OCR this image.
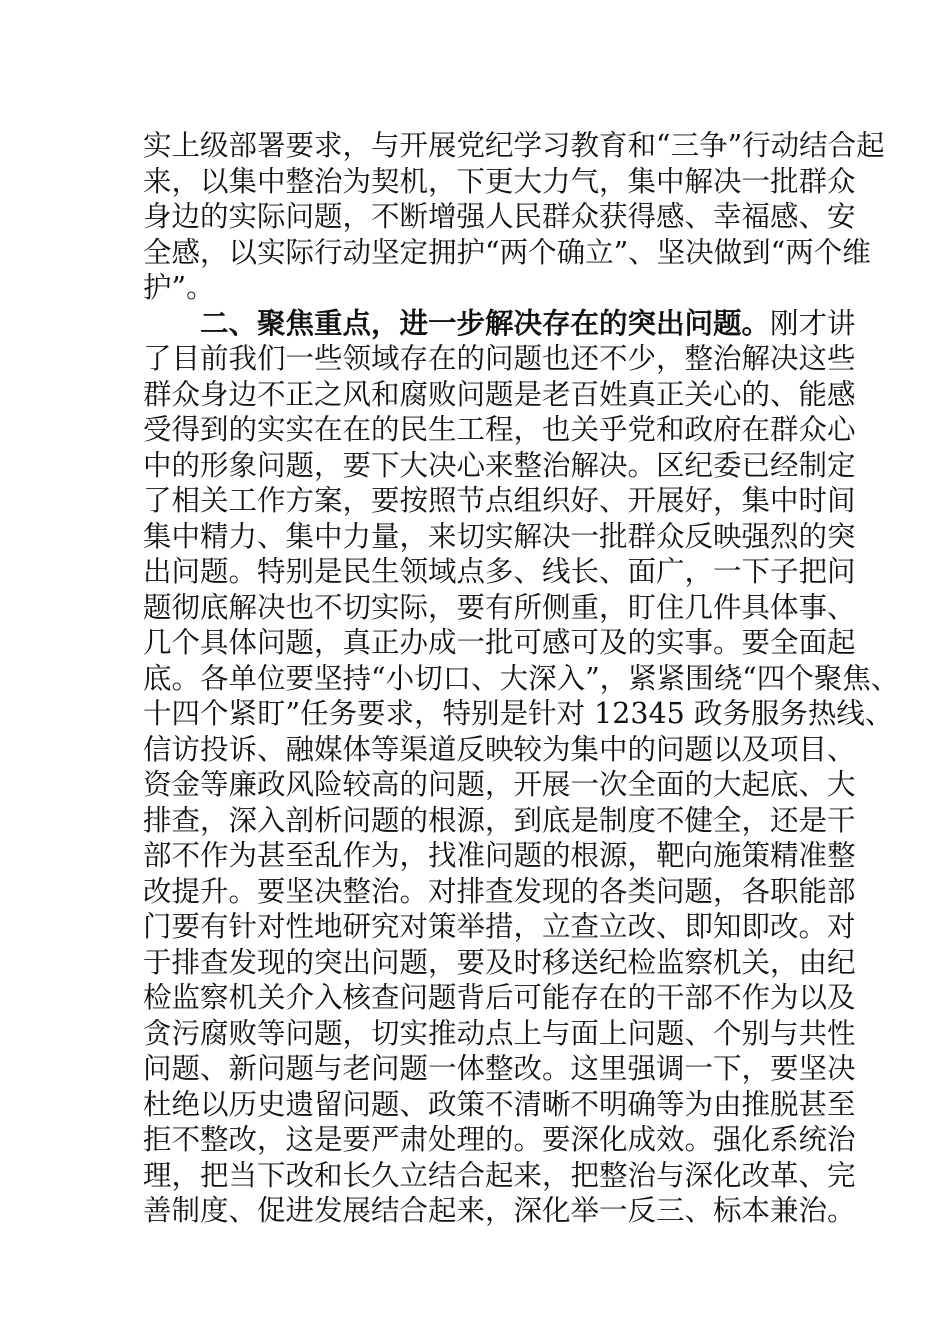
实上级部署要求，与开展党纪学习教育和“三争”行动结合起
来，以集中整治为契机，下更大力气，集中解决一批群众
身边的实际问题，不断增强人民群众获得感、幸福感、安
全感，以实际行动坚定拥护“两个确立”、坚决做到“两个维
护”。
二、聚焦重点，进一步解决存在的突出问题。刚才讲
了目前我们一些领域存在的问题也还不少，整治解决这些
群众身边不正之风和腐败问题是老百姓真正关心的、能感
受得到的实实在在的民生工程，也关乎党和政府在群众心
中的形象问题，要下大决心来整治解决。区纪委已经制定
了相关工作方案，要按照节点组织好、开展好，集中时间
集中精力、集中力量，来切实解决一批群众反映强烈的突
出问题。特别是民生领域点多、线长、面广，一下子把问
题彻底解决也不切实际，要有所侧重，盯住几件具体事、
几个具体问题，真正办成一批可感可及的实事。要全面起
底。各单位要坚持“小切口、大深入”，紧紧围绕“四个聚焦、
十四个紧盯”任务要求，特别是针对 12345 政务服务热线、
信访投诉、融媒体等渠道反映较为集中的问题以及项目、
资金等廉政风险较高的问题，开展一次全面的大起底、大
排查，深入剖析问题的根源，到底是制度不健全，还是干
部不作为甚至乱作为，找准问题的根源，靶向施策精准整
改提升。要坚决整治。对排查发现的各类问题，各职能部
门要有针对性地研究对策举措，立查立改、即知即改。对
于排查发现的突出问题，要及时移送纪检监察机关，由纪
检监察机关介入核查问题背后可能存在的干部不作为以及
贪污腐败等问题，切实推动点上与面上问题、个别与共性
问题、新问题与老问题一体整改。这里强调一下，要坚决
杜绝以历史遗留问题、政策不清晰不明确等为由推脱甚至
拒不整改，这是要严肃处理的。要深化成效。强化系统治
理，把当下改和长久立结合起来，把整治与深化改革、完
善制度、促进发展结合起来，深化举一反三、标本兼治。
